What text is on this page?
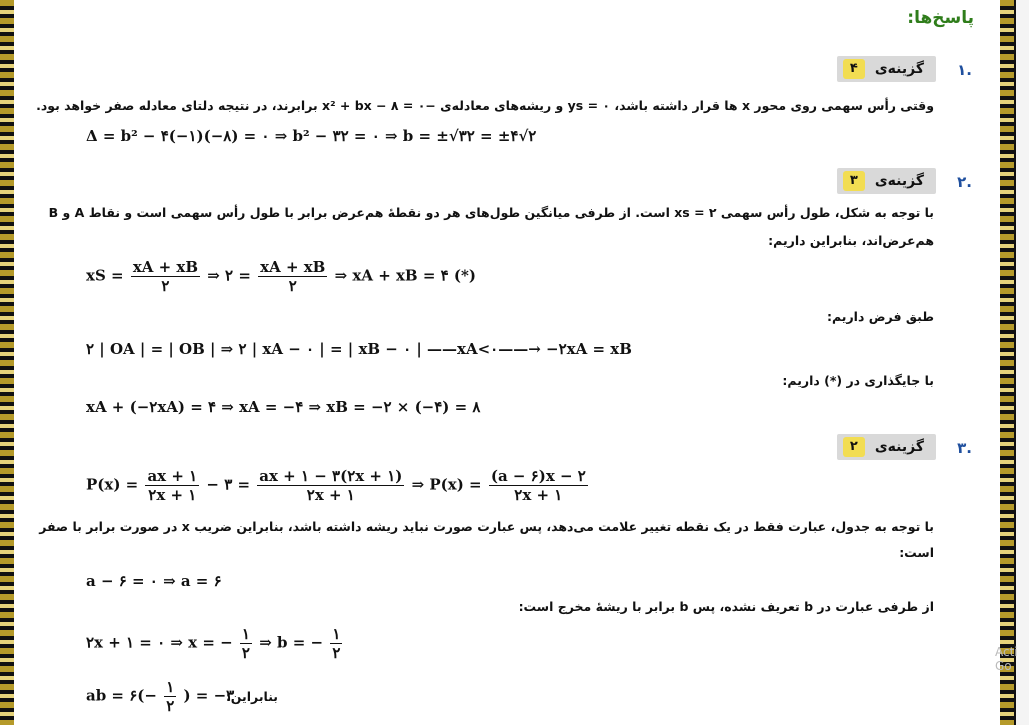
پاسخ‌ها:
۱.
گزینه‌ی
۴
وقتی رأس سهمی روی محور x ها قرار داشته باشد، ys = ۰ و ریشه‌های معادله‌ی −x² + bx − ۸ = ۰ برابرند، در نتیجه دلتای معادله صفر خواهد بود.
Δ = b² − ۴(−۱)(−۸) = ۰ ⇒ b² − ۳۲ = ۰ ⇒ b = ±√۳۲ = ±۴√۲
۲.
گزینه‌ی
۳
با توجه به شکل، طول رأس سهمی xs = ۲ است. از طرفی میانگین طول‌های هر دو نقطهٔ هم‌عرض برابر با طول رأس سهمی است و نقاط A و B
هم‌عرض‌اند، بنابراین داریم:
xS = $\frac{xA + xB}{۲}$ ⇒ ۲ = $\frac{xA + xB}{۲}$ ⇒ xA + xB = ۴ (*)
طبق فرض داریم:
۲ | OA | = | OB | ⇒ ۲ | xA − ۰ | = | xB − ۰ | ——xA<۰——→ −۲xA = xB
با جایگذاری در (*) داریم:
xA + (−۲xA) = ۴ ⇒ xA = −۴ ⇒ xB = −۲ × (−۴) = ۸
۳.
گزینه‌ی
۲
$P(x) = \frac{ax + ۱}{۲x + ۱}$ − ۳ = $\frac{ax + ۱ - ۳(۲x + ۱)}{۲x + ۱}$ ⇒ $P(x) = \frac{(a - ۶)x - ۲}{۲x + ۱}$
با توجه به جدول، عبارت فقط در یک نقطه تغییر علامت می‌دهد، پس عبارت صورت نباید ریشه داشته باشد، بنابراین ضریب x در صورت برابر با صفر
است:
a − ۶ = ۰ ⇒ a = ۶
از طرفی عبارت در b تعریف نشده، پس b برابر با ریشهٔ مخرج است:
۲x + ۱ = ۰ ⇒ x = − $\frac{۱}{۲}$ ⇒ b = − $\frac{۱}{۲}$
بنابراین:
ab = ۶(− $\frac{۱}{۲}$ ) = −۳
Acti
Go
